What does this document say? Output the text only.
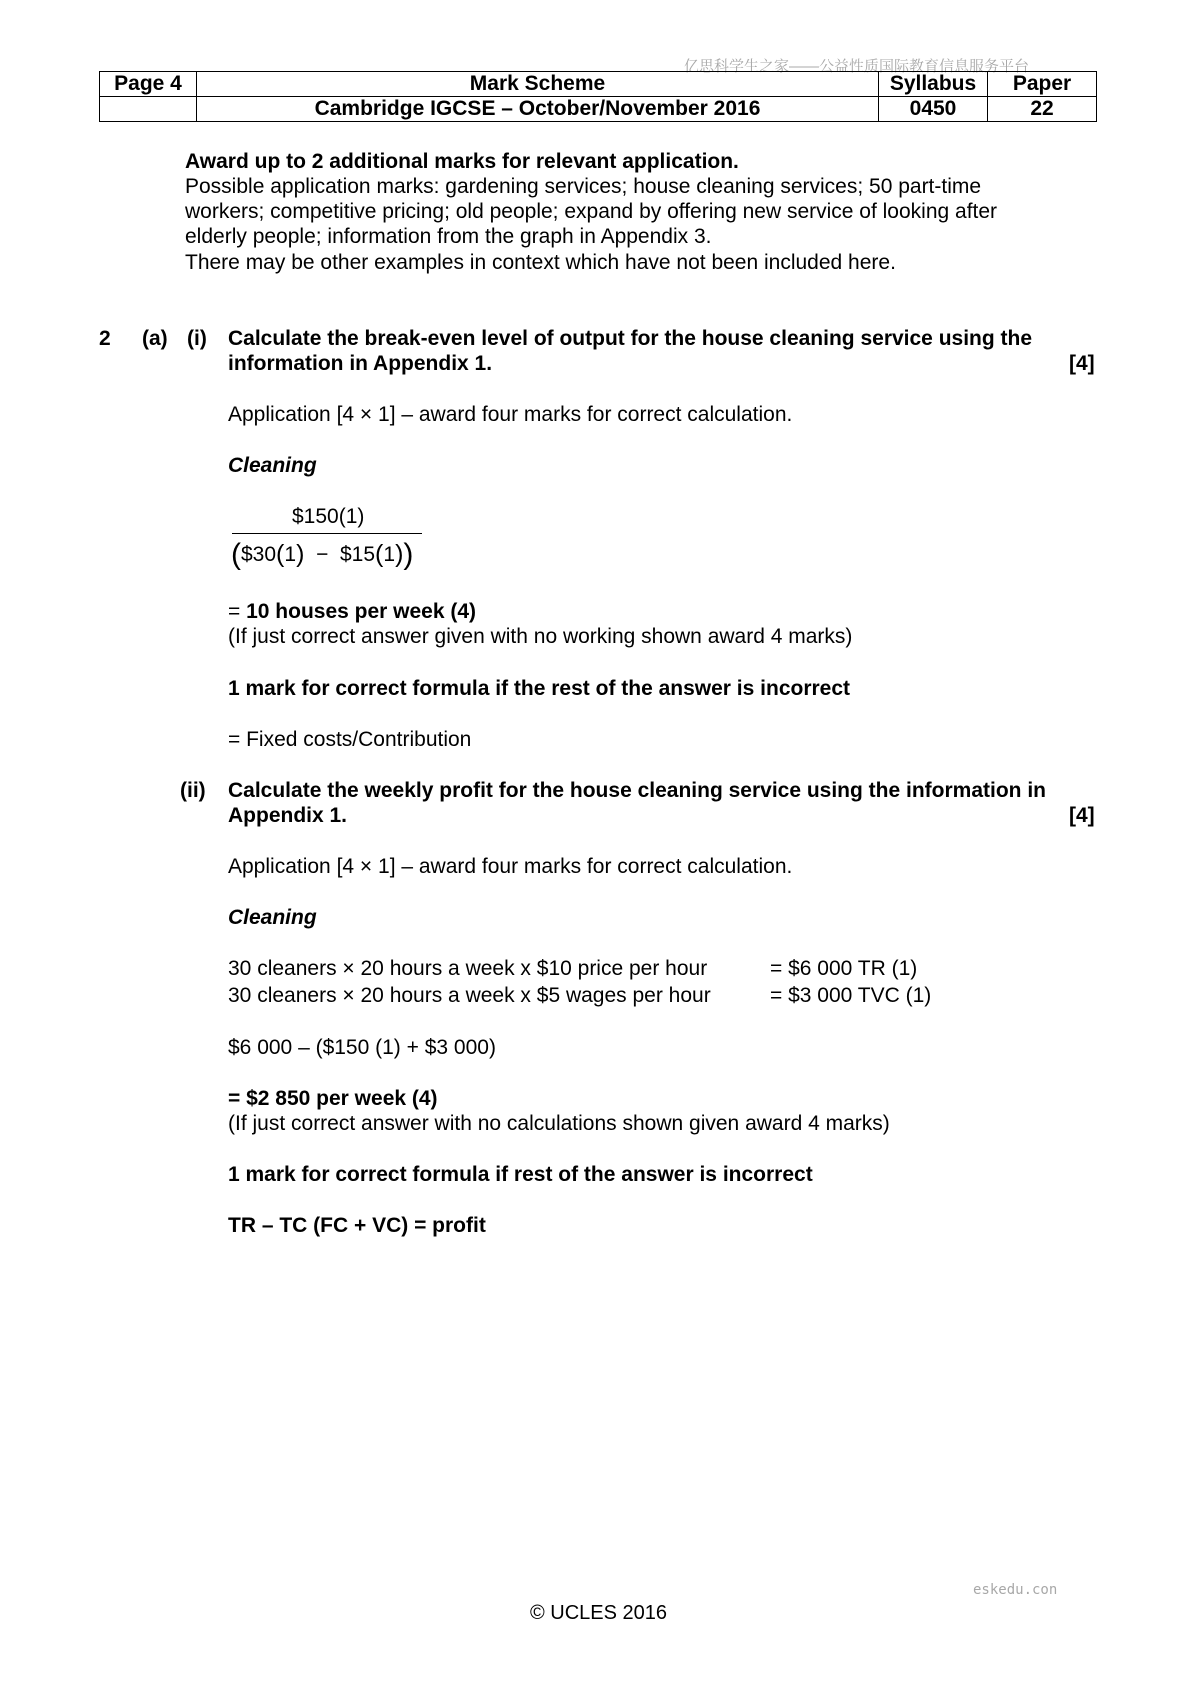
亿思科学生之家——公益性质国际教育信息服务平台
Page 4	Mark Scheme	Syllabus	Paper
	Cambridge IGCSE – October/November 2016	0450	22
Award up to 2 additional marks for relevant application.
Possible application marks: gardening services; house cleaning services; 50 part-time
workers; competitive pricing; old people; expand by offering new service of looking after
elderly people; information from the graph in Appendix 3.
There may be other examples in context which have not been included here.
2 (a) (i) Calculate the break-even level of output for the house cleaning service using the
information in Appendix 1.	[4]
Application [4 × 1] – award four marks for correct calculation.
Cleaning
$150(1)
($30(1) − $15(1))
= 10 houses per week (4)
(If just correct answer given with no working shown award 4 marks)
1 mark for correct formula if the rest of the answer is incorrect
= Fixed costs/Contribution
(ii) Calculate the weekly profit for the house cleaning service using the information in
Appendix 1.	[4]
Application [4 × 1] – award four marks for correct calculation.
Cleaning
30 cleaners × 20 hours a week x $10 price per hour	= $6 000 TR (1)
30 cleaners × 20 hours a week x $5 wages per hour	= $3 000 TVC (1)
$6 000 – ($150 (1) + $3 000)
= $2 850 per week (4)
(If just correct answer with no calculations shown given award 4 marks)
1 mark for correct formula if rest of the answer is incorrect
TR – TC (FC + VC) = profit
eskedu.con
© UCLES 2016
